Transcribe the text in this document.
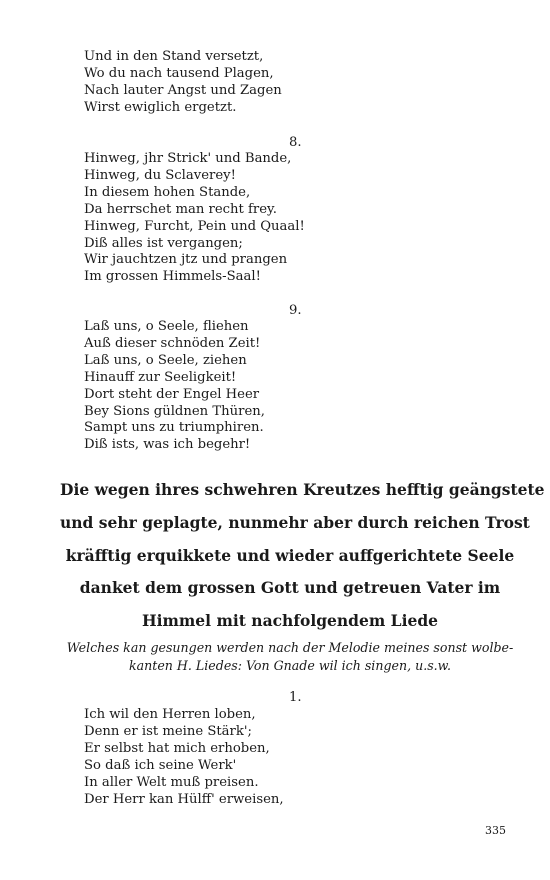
Und in den Stand versetzt,
Wo du nach tausend Plagen,
Nach lauter Angst und Zagen
Wirst ewiglich ergetzt.
8.
Hinweg, jhr Strick' und Bande,
Hinweg, du Sclaverey!
In diesem hohen Stande,
Da herrschet man recht frey.
Hinweg, Furcht, Pein und Quaal!
Diß alles ist vergangen;
Wir jauchtzen jtz und prangen
Im grossen Himmels-Saal!
9.
Laß uns, o Seele, fliehen
Auß dieser schnöden Zeit!
Laß uns, o Seele, ziehen
Hinauff zur Seeligkeit!
Dort steht der Engel Heer
Bey Sions güldnen Thüren,
Sampt uns zu triumphiren.
Diß ists, was ich begehr!
Die wegen ihres schwehren Kreutzes hefftig geängstete
und sehr geplagte, nunmehr aber durch reichen Trost
kräfftig erquikkete und wieder auffgerichtete Seele
danket dem grossen Gott und getreuen Vater im
Himmel mit nachfolgendem Liede
Welches kan gesungen werden nach der Melodie meines sonst wolbe-
kanten H. Liedes: Von Gnade wil ich singen, u.s.w.
1.
Ich wil den Herren loben,
Denn er ist meine Stärk';
Er selbst hat mich erhoben,
So daß ich seine Werk'
In aller Welt muß preisen.
Der Herr kan Hülff' erweisen,
335
